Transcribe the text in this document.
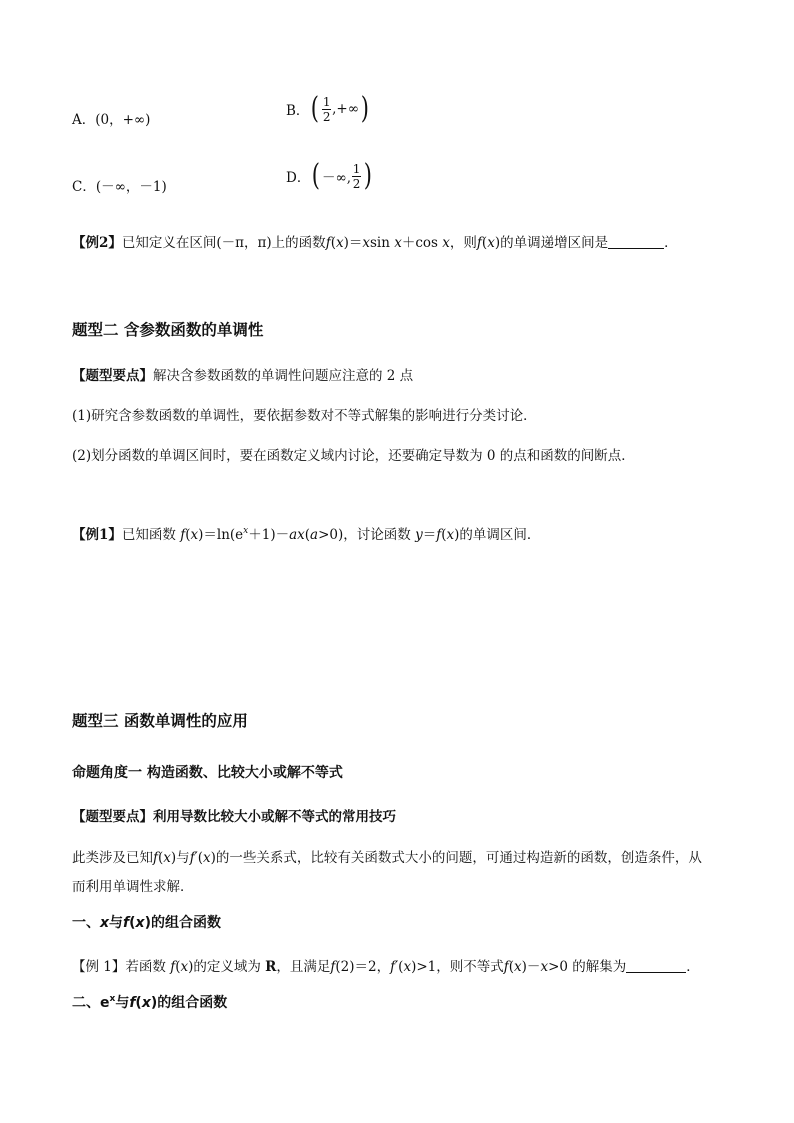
A．(0，+∞)
B． ( $\frac{1}{2}$ ,+∞ )
C．(－∞，－1)
D． ( －∞, $\frac{1}{2}$ )
【例2】已知定义在区间(－π，π)上的函数f(x)＝xsin x＋cos x，则f(x)的单调递增区间是	．
题型二 含参数函数的单调性
【题型要点】解决含参数函数的单调性问题应注意的 2 点
(1)研究含参数函数的单调性，要依据参数对不等式解集的影响进行分类讨论．
(2)划分函数的单调区间时，要在函数定义域内讨论，还要确定导数为 0 的点和函数的间断点．
【例1】已知函数 $f(x)=\ln(e^x+1)-ax(a>0)$，讨论函数 y＝f(x)的单调区间．
题型三 函数单调性的应用
命题角度一 构造函数、比较大小或解不等式
【题型要点】利用导数比较大小或解不等式的常用技巧
此类涉及已知f(x)与f′(x)的一些关系式，比较有关函数式大小的问题，可通过构造新的函数，创造条件，从
而利用单调性求解．
一、x与f(x)的组合函数
【例 1】若函数 f(x)的定义域为 R，且满足f(2)＝2，f′(x)>1，则不等式f(x)－x>0 的解集为	．
二、$e^x$与f(x)的组合函数
